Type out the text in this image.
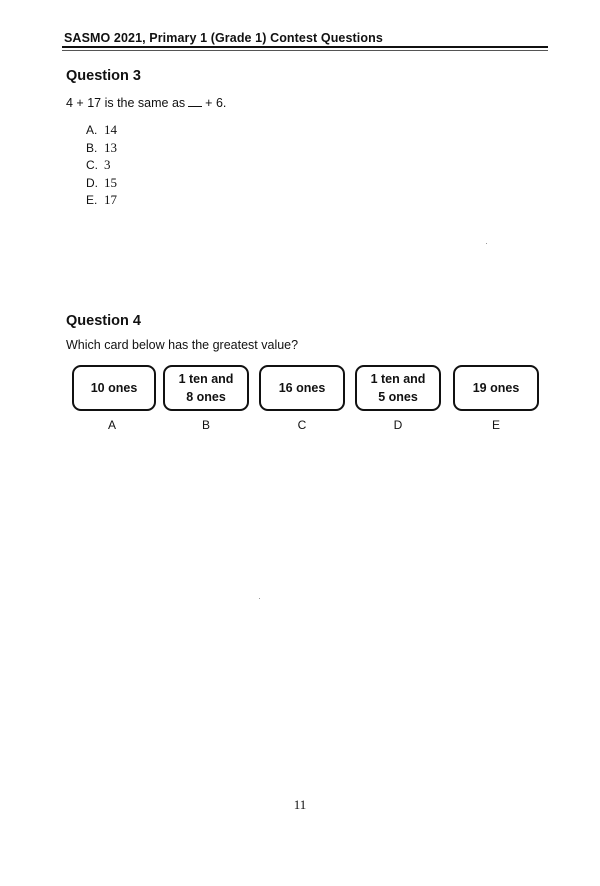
SASMO 2021, Primary 1 (Grade 1) Contest Questions
Question 3
4 + 17 is the same as + 6.
A. 14
B. 13
C. 3
D. 15
E. 17
Question 4
Which card below has the greatest value?
10 ones
1 ten and
8 ones
16 ones
1 ten and
5 ones
19 ones
A	B	C	D	E
11
